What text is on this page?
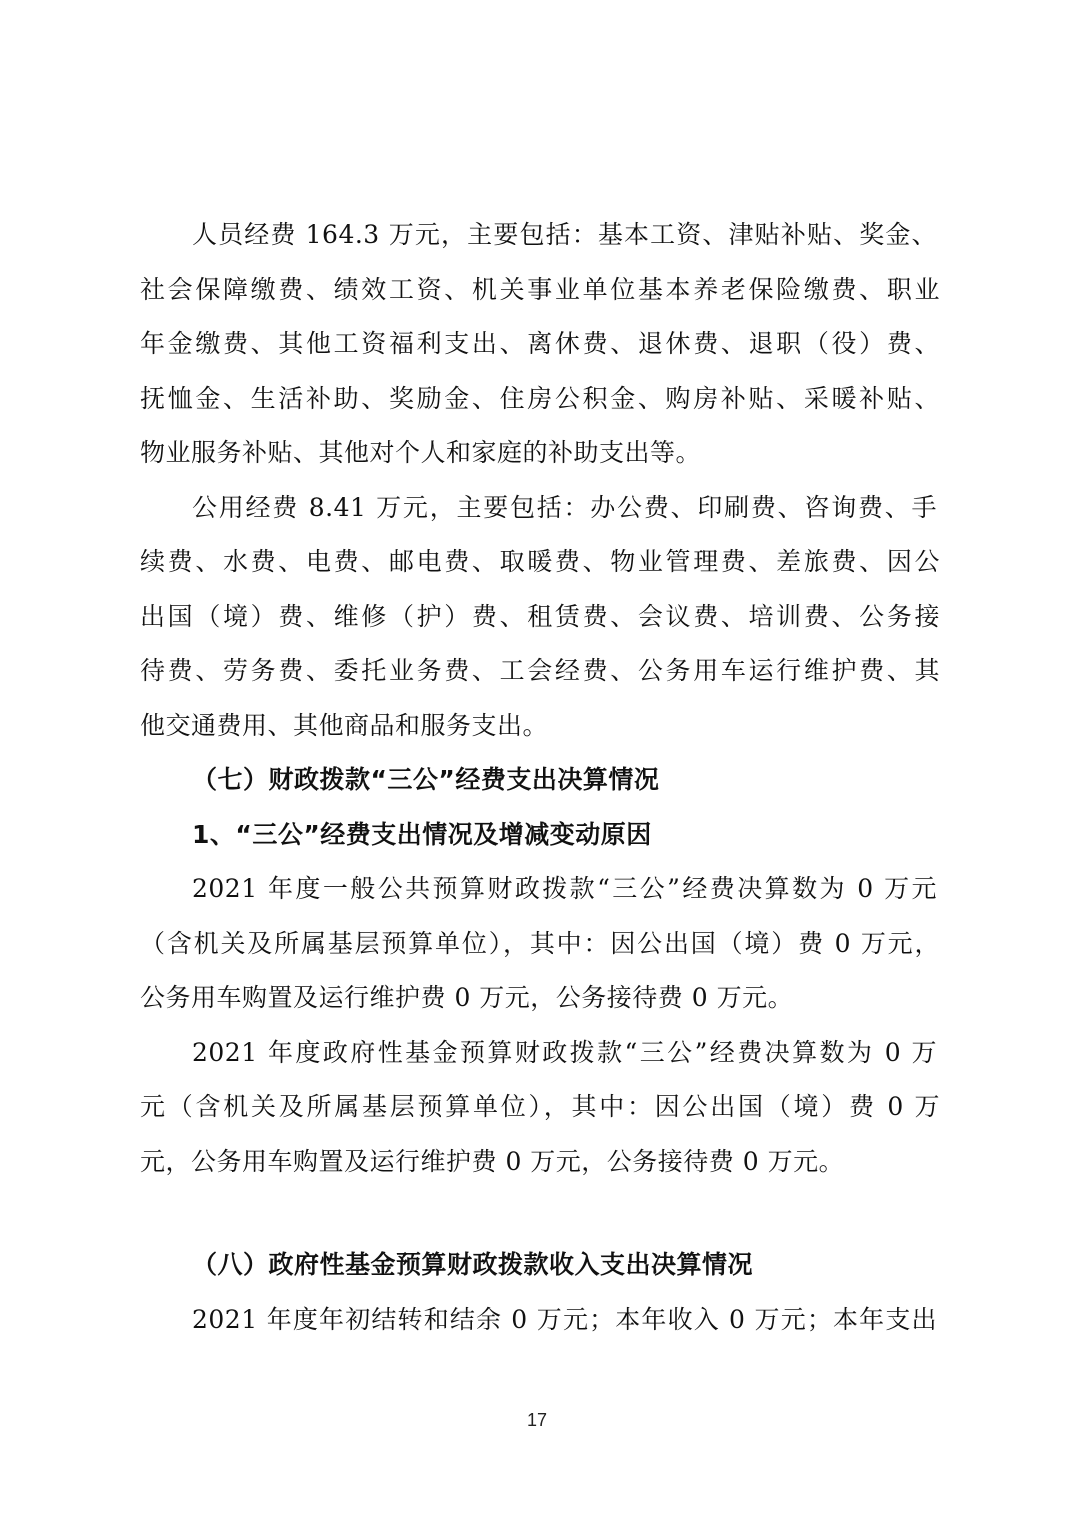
人员经费 164.3 万元，主要包括：基本工资、津贴补贴、奖金、
社会保障缴费、绩效工资、机关事业单位基本养老保险缴费、职业
年金缴费、其他工资福利支出、离休费、退休费、退职（役）费、
抚恤金、生活补助、奖励金、住房公积金、购房补贴、采暖补贴、
物业服务补贴、其他对个人和家庭的补助支出等。
公用经费 8.41 万元，主要包括：办公费、印刷费、咨询费、手
续费、水费、电费、邮电费、取暖费、物业管理费、差旅费、因公
出国（境）费、维修（护）费、租赁费、会议费、培训费、公务接
待费、劳务费、委托业务费、工会经费、公务用车运行维护费、其
他交通费用、其他商品和服务支出。
（七）财政拨款“三公”经费支出决算情况
1、“三公”经费支出情况及增减变动原因
2021 年度一般公共预算财政拨款“三公”经费决算数为 0 万元
（含机关及所属基层预算单位），其中：因公出国（境）费 0 万元，
公务用车购置及运行维护费 0 万元，公务接待费 0 万元。
2021 年度政府性基金预算财政拨款“三公”经费决算数为 0 万
元（含机关及所属基层预算单位），其中：因公出国（境）费 0 万
元，公务用车购置及运行维护费 0 万元，公务接待费 0 万元。
（八）政府性基金预算财政拨款收入支出决算情况
2021 年度年初结转和结余 0 万元；本年收入 0 万元；本年支出
17
